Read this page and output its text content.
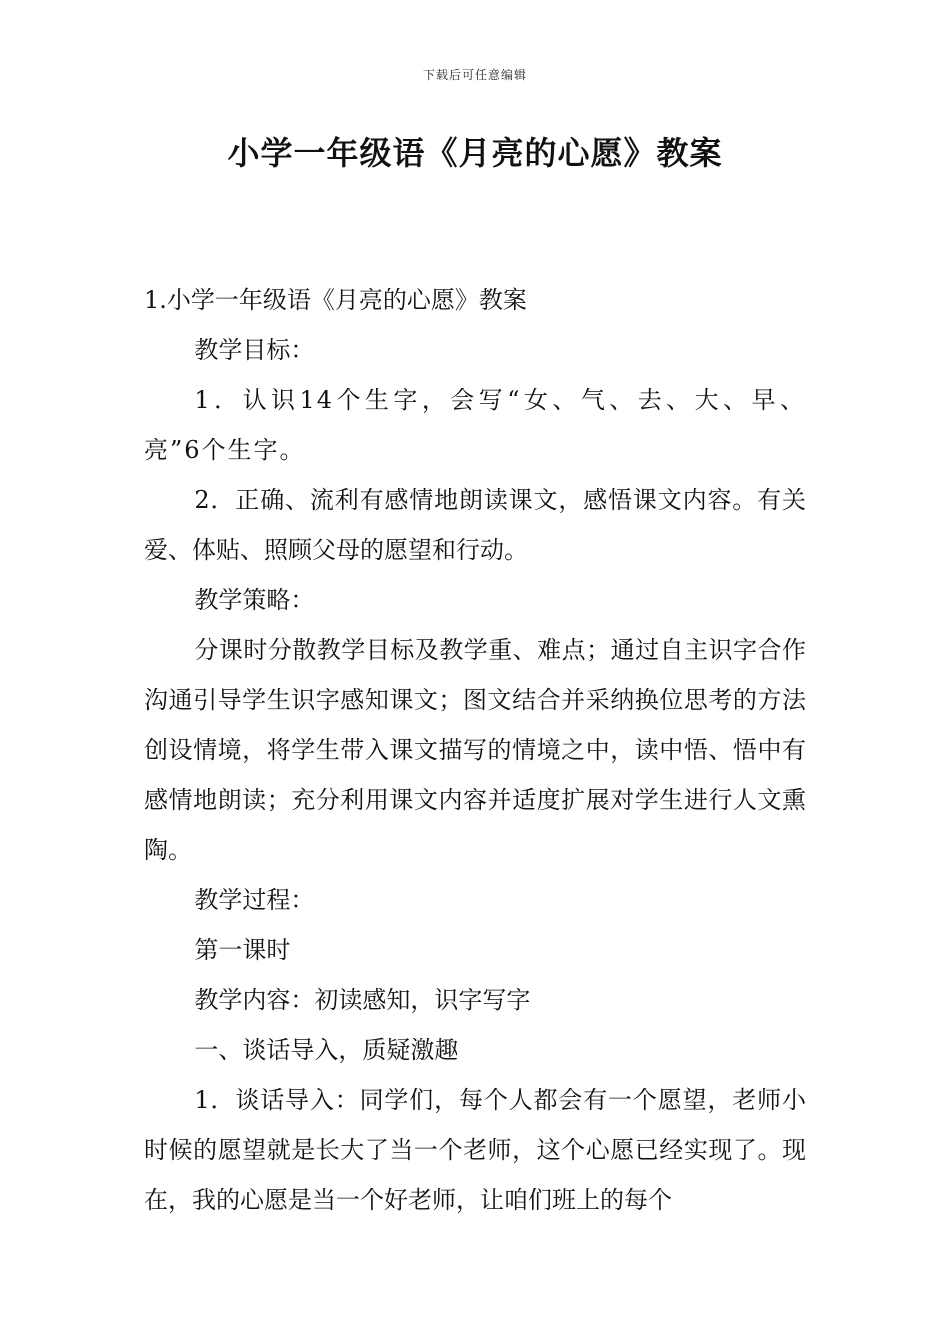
下载后可任意编辑
小学一年级语《月亮的心愿》教案

1.小学一年级语《月亮的心愿》教案

教学目标：

1．认识14个生字，会写“女、气、去、大、早、亮”6个生字。

2．正确、流利有感情地朗读课文，感悟课文内容。有关爱、体贴、照顾父母的愿望和行动。

教学策略：

分课时分散教学目标及教学重、难点；通过自主识字合作沟通引导学生识字感知课文；图文结合并采纳换位思考的方法创设情境，将学生带入课文描写的情境之中，读中悟、悟中有感情地朗读；充分利用课文内容并适度扩展对学生进行人文熏陶。

教学过程：

第一课时

教学内容：初读感知，识字写字

一、谈话导入，质疑激趣

1．谈话导入：同学们，每个人都会有一个愿望，老师小时候的愿望就是长大了当一个老师，这个心愿已经实现了。现在，我的心愿是当一个好老师，让咱们班上的每个
